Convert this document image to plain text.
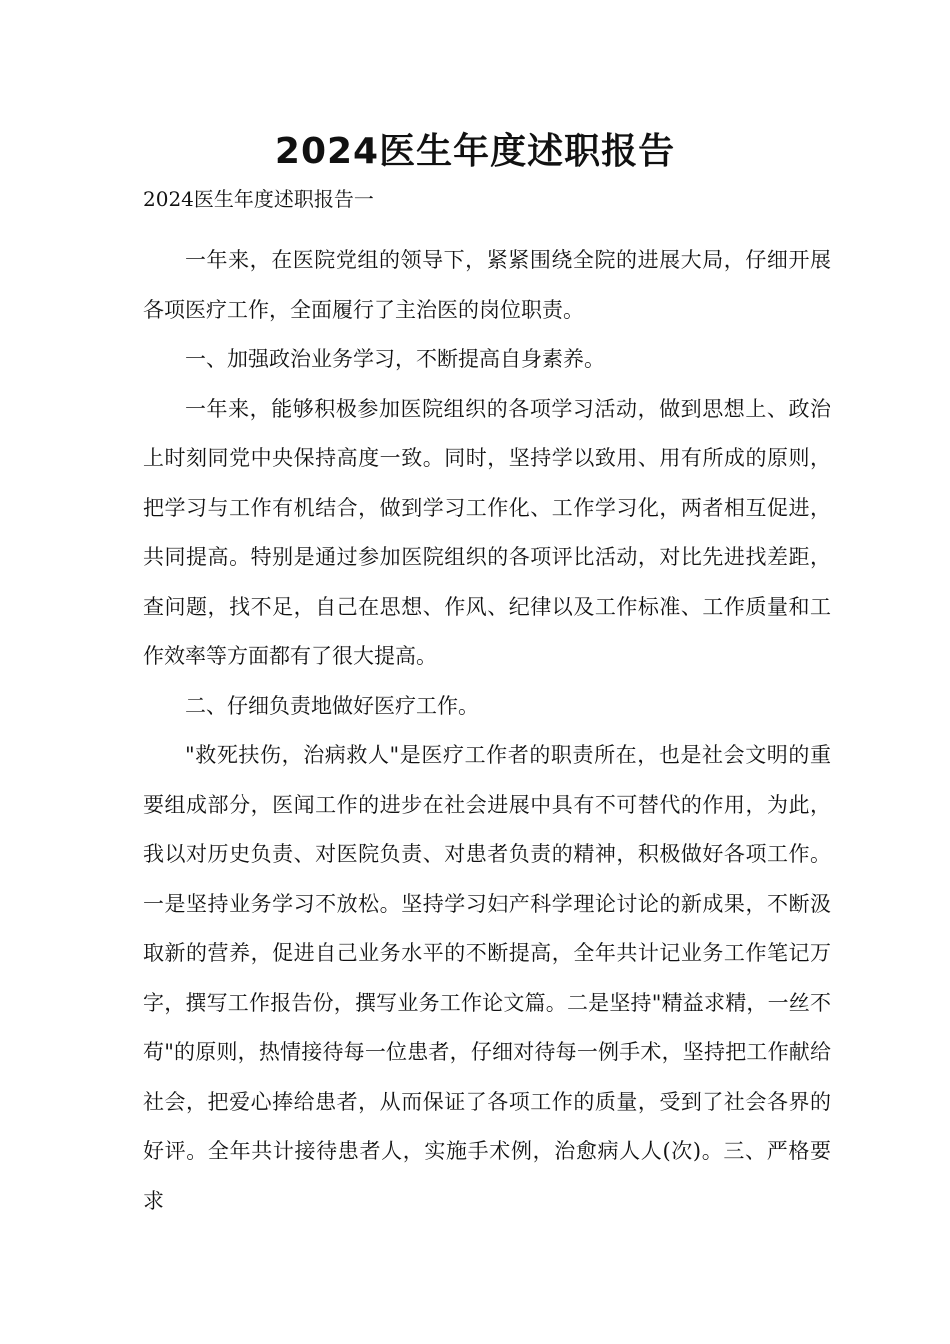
2024医生年度述职报告
2024医生年度述职报告一

一年来，在医院党组的领导下，紧紧围绕全院的进展大局，仔细开展各项医疗工作，全面履行了主治医的岗位职责。

一、加强政治业务学习，不断提高自身素养。

一年来，能够积极参加医院组织的各项学习活动，做到思想上、政治上时刻同党中央保持高度一致。同时，坚持学以致用、用有所成的原则，把学习与工作有机结合，做到学习工作化、工作学习化，两者相互促进，共同提高。特别是通过参加医院组织的各项评比活动，对比先进找差距，查问题，找不足，自己在思想、作风、纪律以及工作标准、工作质量和工作效率等方面都有了很大提高。

二、仔细负责地做好医疗工作。

"救死扶伤，治病救人"是医疗工作者的职责所在，也是社会文明的重要组成部分，医闻工作的进步在社会进展中具有不可替代的作用，为此，我以对历史负责、对医院负责、对患者负责的精神，积极做好各项工作。一是坚持业务学习不放松。坚持学习妇产科学理论讨论的新成果，不断汲取新的营养，促进自己业务水平的不断提高，全年共计记业务工作笔记万字，撰写工作报告份，撰写业务工作论文篇。二是坚持"精益求精，一丝不苟"的原则，热情接待每一位患者，仔细对待每一例手术，坚持把工作献给社会，把爱心捧给患者，从而保证了各项工作的质量，受到了社会各界的好评。全年共计接待患者人，实施手术例，治愈病人人(次)。三、严格要求
